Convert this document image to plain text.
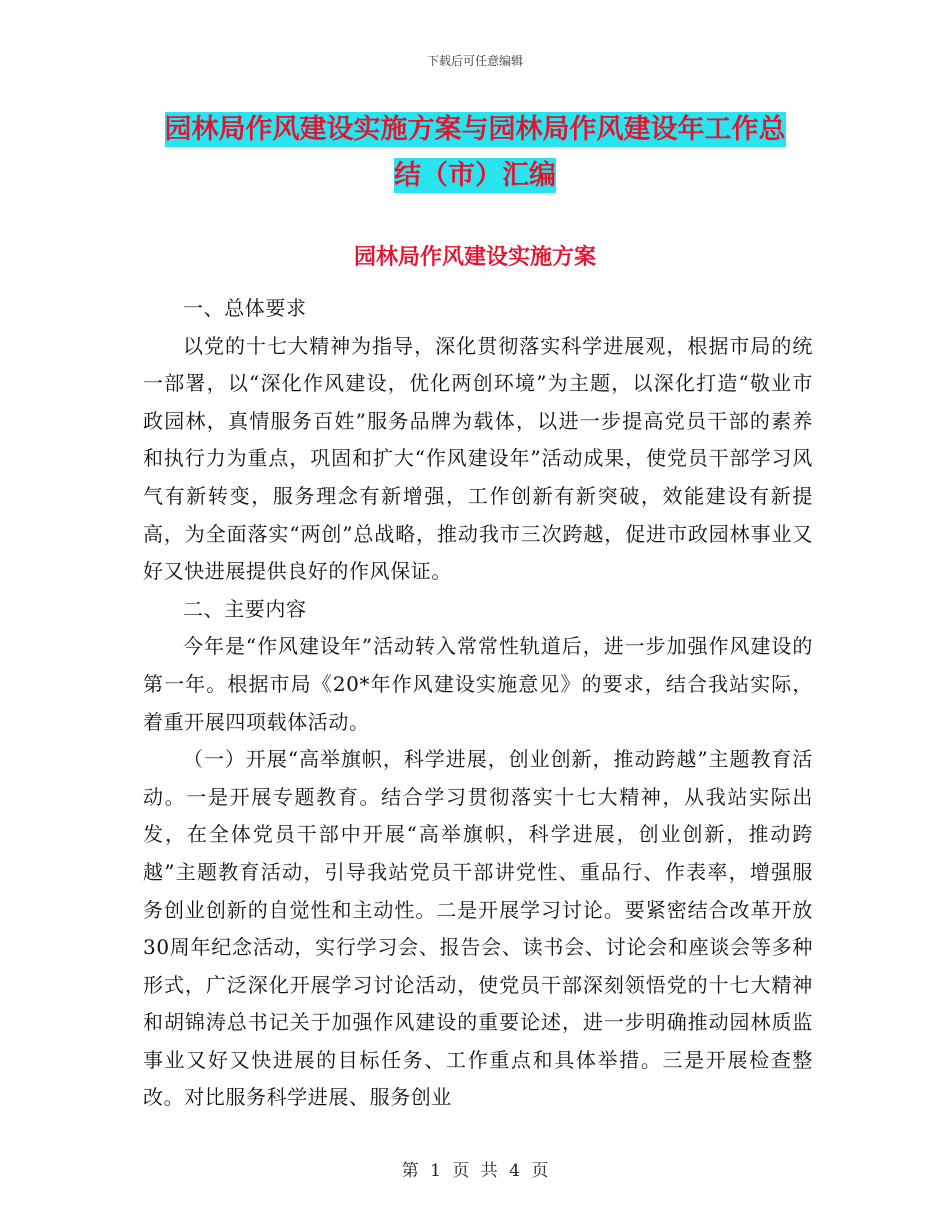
下载后可任意编辑
园林局作风建设实施方案与园林局作风建设年工作总
结（市）汇编
园林局作风建设实施方案

一、总体要求

以党的十七大精神为指导，深化贯彻落实科学进展观，根据市局的统一部署，以“深化作风建设，优化两创环境”为主题，以深化打造“敬业市政园林，真情服务百姓”服务品牌为载体，以进一步提高党员干部的素养和执行力为重点，巩固和扩大“作风建设年”活动成果，使党员干部学习风气有新转变，服务理念有新增强，工作创新有新突破，效能建设有新提高，为全面落实“两创”总战略，推动我市三次跨越，促进市政园林事业又好又快进展提供良好的作风保证。

二、主要内容

今年是“作风建设年”活动转入常常性轨道后，进一步加强作风建设的第一年。根据市局《20*年作风建设实施意见》的要求，结合我站实际，着重开展四项载体活动。

（一）开展“高举旗帜，科学进展，创业创新，推动跨越”主题教育活动。一是开展专题教育。结合学习贯彻落实十七大精神，从我站实际出发，在全体党员干部中开展“高举旗帜，科学进展，创业创新，推动跨越”主题教育活动，引导我站党员干部讲党性、重品行、作表率，增强服务创业创新的自觉性和主动性。二是开展学习讨论。要紧密结合改革开放30周年纪念活动，实行学习会、报告会、读书会、讨论会和座谈会等多种形式，广泛深化开展学习讨论活动，使党员干部深刻领悟党的十七大精神和胡锦涛总书记关于加强作风建设的重要论述，进一步明确推动园林质监事业又好又快进展的目标任务、工作重点和具体举措。三是开展检查整改。对比服务科学进展、服务创业

第 1 页 共 4 页
